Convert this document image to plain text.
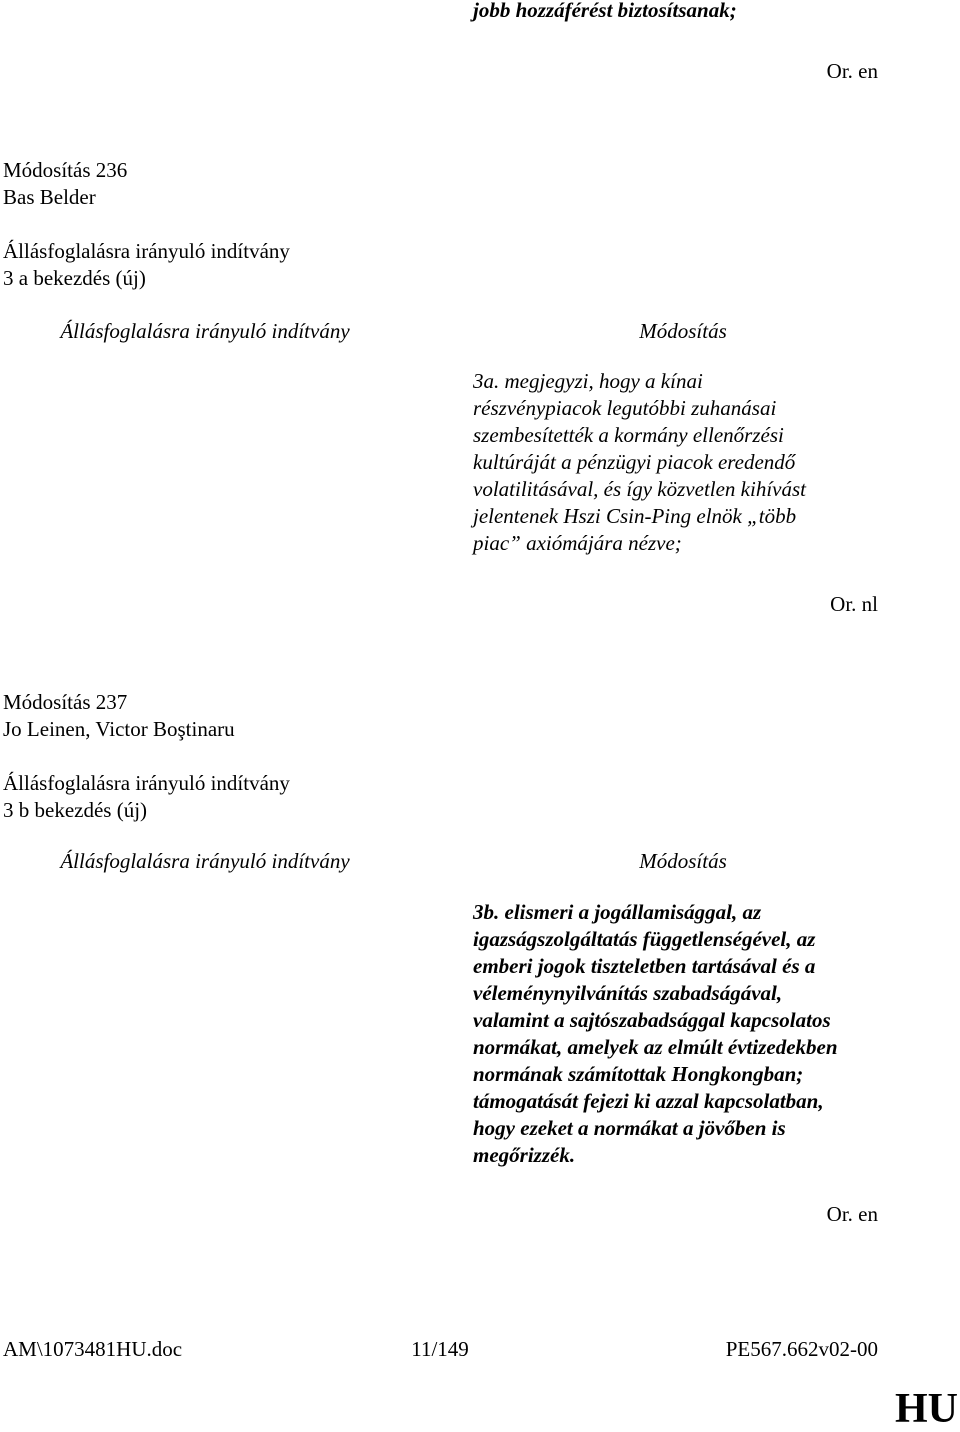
jobb hozzáférést biztosítsanak;
Or. en
Módosítás 236
Bas Belder
Állásfoglalásra irányuló indítvány
3 a bekezdés (új)
Állásfoglalásra irányuló indítvány	Módosítás
3a. megjegyzi, hogy a kínai
részvénypiacok legutóbbi zuhanásai
szembesítették a kormány ellenőrzési
kultúráját a pénzügyi piacok eredendő
volatilitásával, és így közvetlen kihívást
jelentenek Hszi Csin-Ping elnök „több
piac” axiómájára nézve;
Or. nl
Módosítás 237
Jo Leinen, Victor Boştinaru
Állásfoglalásra irányuló indítvány
3 b bekezdés (új)
Állásfoglalásra irányuló indítvány	Módosítás
3b. elismeri a jogállamisággal, az
igazságszolgáltatás függetlenségével, az
emberi jogok tiszteletben tartásával és a
véleménynyilvánítás szabadságával,
valamint a sajtószabadsággal kapcsolatos
normákat, amelyek az elmúlt évtizedekben
normának számítottak Hongkongban;
támogatását fejezi ki azzal kapcsolatban,
hogy ezeket a normákat a jövőben is
megőrizzék.
Or. en
AM\1073481HU.doc	11/149	PE567.662v02-00
HU
